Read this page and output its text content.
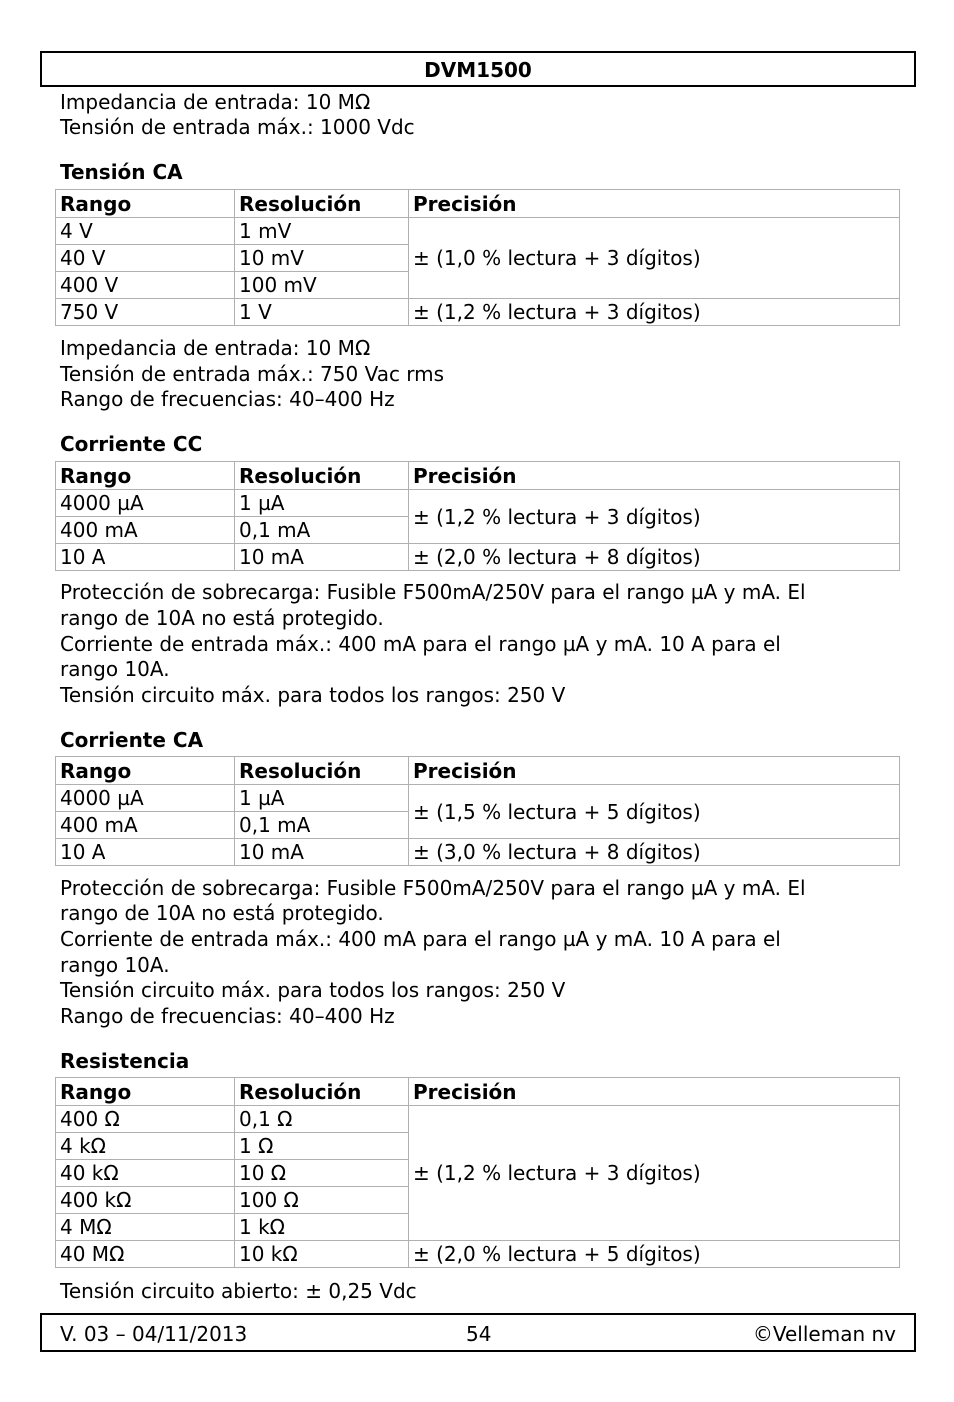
DVM1500
Impedancia de entrada: 10 MΩ
Tensión de entrada máx.: 1000 Vdc
Tensión CA
Rango	Resolución	Precisión
4 V	1 mV	± (1,0 % lectura + 3 dígitos)
40 V	10 mV	
400 V	100 mV	
750 V	1 V	± (1,2 % lectura + 3 dígitos)
Impedancia de entrada: 10 MΩ
Tensión de entrada máx.: 750 Vac rms
Rango de frecuencias: 40–400 Hz
Corriente CC
Rango	Resolución	Precisión
4000 µA	1 µA	± (1,2 % lectura + 3 dígitos)
400 mA	0,1 mA	
10 A	10 mA	± (2,0 % lectura + 8 dígitos)
Protección de sobrecarga: Fusible F500mA/250V para el rango µA y mA. El
rango de 10A no está protegido.
Corriente de entrada máx.: 400 mA para el rango µA y mA. 10 A para el
rango 10A.
Tensión circuito máx. para todos los rangos: 250 V
Corriente CA
Rango	Resolución	Precisión
4000 µA	1 µA	± (1,5 % lectura + 5 dígitos)
400 mA	0,1 mA	
10 A	10 mA	± (3,0 % lectura + 8 dígitos)
Protección de sobrecarga: Fusible F500mA/250V para el rango µA y mA. El
rango de 10A no está protegido.
Corriente de entrada máx.: 400 mA para el rango µA y mA. 10 A para el
rango 10A.
Tensión circuito máx. para todos los rangos: 250 V
Rango de frecuencias: 40–400 Hz
Resistencia
Rango	Resolución	Precisión
400 Ω	0,1 Ω	± (1,2 % lectura + 3 dígitos)
4 kΩ	1 Ω	
40 kΩ	10 Ω	
400 kΩ	100 Ω	
4 MΩ	1 kΩ	
40 MΩ	10 kΩ	± (2,0 % lectura + 5 dígitos)
Tensión circuito abierto: ± 0,25 Vdc
V. 03 – 04/11/2013	54	©Velleman nv
